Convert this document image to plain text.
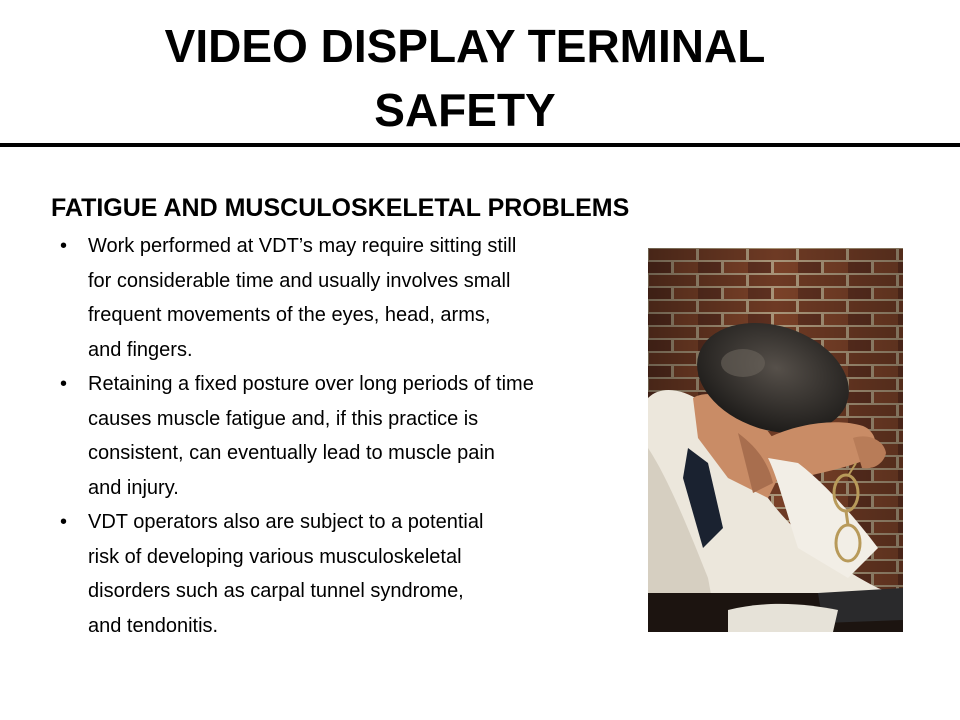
VIDEO DISPLAY TERMINAL
SAFETY
FATIGUE AND MUSCULOSKELETAL PROBLEMS
• Work performed at VDT’s may require sitting still
for considerable time and usually involves small
frequent movements of the eyes, head, arms,
and fingers.
• Retaining a fixed posture over long periods of time
causes muscle fatigue and, if this practice is
consistent, can eventually lead to muscle pain
and injury.
• VDT operators also are subject to a potential
risk of developing various musculoskeletal
disorders such as carpal tunnel syndrome,
and tendonitis.
